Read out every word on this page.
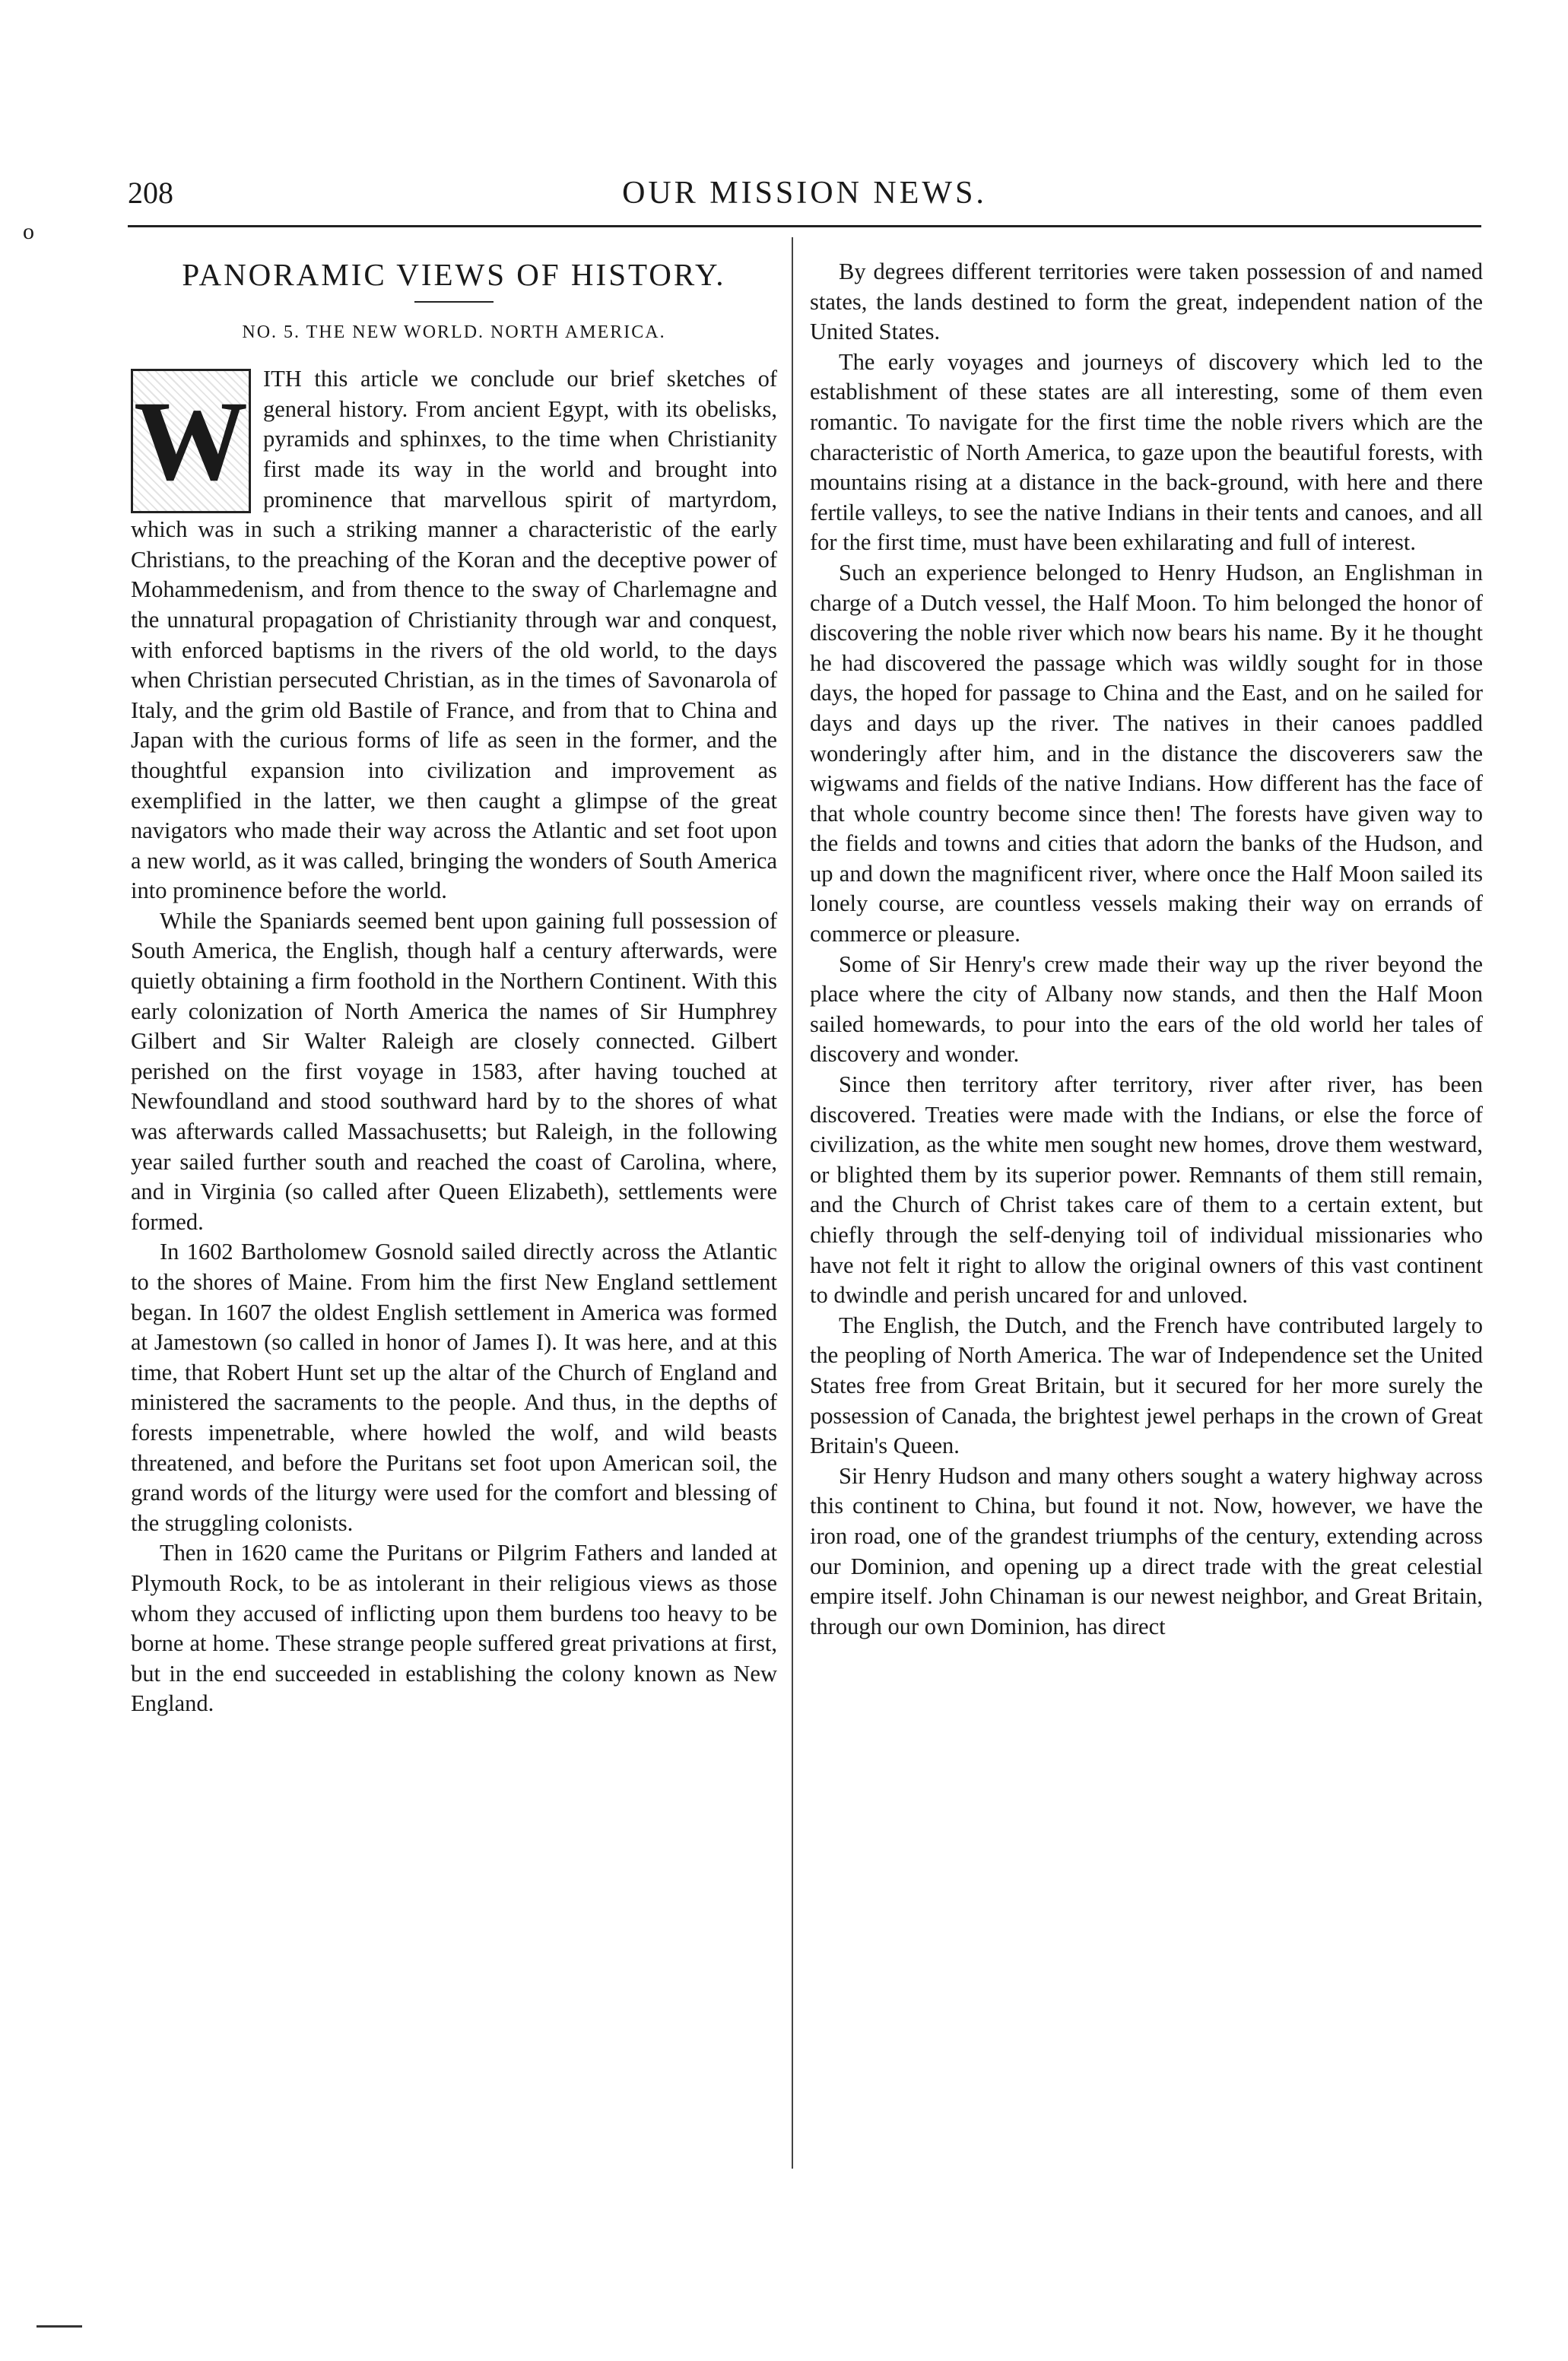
208	OUR MISSION NEWS.
o
PANORAMIC VIEWS OF HISTORY.
NO. 5. THE NEW WORLD. NORTH AMERICA.
W ITH this article we conclude our brief sketches of general history. From ancient Egypt, with its obelisks, pyramids and sphinxes, to the time when Christianity first made its way in the world and brought into prominence that marvellous spirit of martyrdom, which was in such a striking manner a characteristic of the early Christians, to the preaching of the Koran and the deceptive power of Mohammedenism, and from thence to the sway of Charlemagne and the unnatural propagation of Christianity through war and conquest, with enforced baptisms in the rivers of the old world, to the days when Christian persecuted Christian, as in the times of Savonarola of Italy, and the grim old Bastile of France, and from that to China and Japan with the curious forms of life as seen in the former, and the thoughtful expansion into civilization and improvement as exemplified in the latter, we then caught a glimpse of the great navigators who made their way across the Atlantic and set foot upon a new world, as it was called, bringing the wonders of South America into prominence before the world.

While the Spaniards seemed bent upon gaining full possession of South America, the English, though half a century afterwards, were quietly obtaining a firm foothold in the Northern Continent. With this early colonization of North America the names of Sir Humphrey Gilbert and Sir Walter Raleigh are closely connected. Gilbert perished on the first voyage in 1583, after having touched at Newfoundland and stood southward hard by to the shores of what was afterwards called Massachusetts; but Raleigh, in the following year sailed further south and reached the coast of Carolina, where, and in Virginia (so called after Queen Elizabeth), settlements were formed.

In 1602 Bartholomew Gosnold sailed directly across the Atlantic to the shores of Maine. From him the first New England settlement began. In 1607 the oldest English settlement in America was formed at Jamestown (so called in honor of James I). It was here, and at this time, that Robert Hunt set up the altar of the Church of England and ministered the sacraments to the people. And thus, in the depths of forests impenetrable, where howled the wolf, and wild beasts threatened, and before the Puritans set foot upon American soil, the grand words of the liturgy were used for the comfort and blessing of the struggling colonists.

Then in 1620 came the Puritans or Pilgrim Fathers and landed at Plymouth Rock, to be as intolerant in their religious views as those whom they accused of inflicting upon them burdens too heavy to be borne at home. These strange people suffered great privations at first, but in the end succeeded in establishing the colony known as New England.

By degrees different territories were taken possession of and named states, the lands destined to form the great, independent nation of the United States.

The early voyages and journeys of discovery which led to the establishment of these states are all interesting, some of them even romantic. To navigate for the first time the noble rivers which are the characteristic of North America, to gaze upon the beautiful forests, with mountains rising at a distance in the back-ground, with here and there fertile valleys, to see the native Indians in their tents and canoes, and all for the first time, must have been exhilarating and full of interest.

Such an experience belonged to Henry Hudson, an Englishman in charge of a Dutch vessel, the Half Moon. To him belonged the honor of discovering the noble river which now bears his name. By it he thought he had discovered the passage which was wildly sought for in those days, the hoped for passage to China and the East, and on he sailed for days and days up the river. The natives in their canoes paddled wonderingly after him, and in the distance the discoverers saw the wigwams and fields of the native Indians. How different has the face of that whole country become since then! The forests have given way to the fields and towns and cities that adorn the banks of the Hudson, and up and down the magnificent river, where once the Half Moon sailed its lonely course, are countless vessels making their way on errands of commerce or pleasure.

Some of Sir Henry's crew made their way up the river beyond the place where the city of Albany now stands, and then the Half Moon sailed homewards, to pour into the ears of the old world her tales of discovery and wonder.

Since then territory after territory, river after river, has been discovered. Treaties were made with the Indians, or else the force of civilization, as the white men sought new homes, drove them westward, or blighted them by its superior power. Remnants of them still remain, and the Church of Christ takes care of them to a certain extent, but chiefly through the self-denying toil of individual missionaries who have not felt it right to allow the original owners of this vast continent to dwindle and perish uncared for and unloved.

The English, the Dutch, and the French have contributed largely to the peopling of North America. The war of Independence set the United States free from Great Britain, but it secured for her more surely the possession of Canada, the brightest jewel perhaps in the crown of Great Britain's Queen.

Sir Henry Hudson and many others sought a watery highway across this continent to China, but found it not. Now, however, we have the iron road, one of the grandest triumphs of the century, extending across our Dominion, and opening up a direct trade with the great celestial empire itself. John Chinaman is our newest neighbor, and Great Britain, through our own Dominion, has direct
